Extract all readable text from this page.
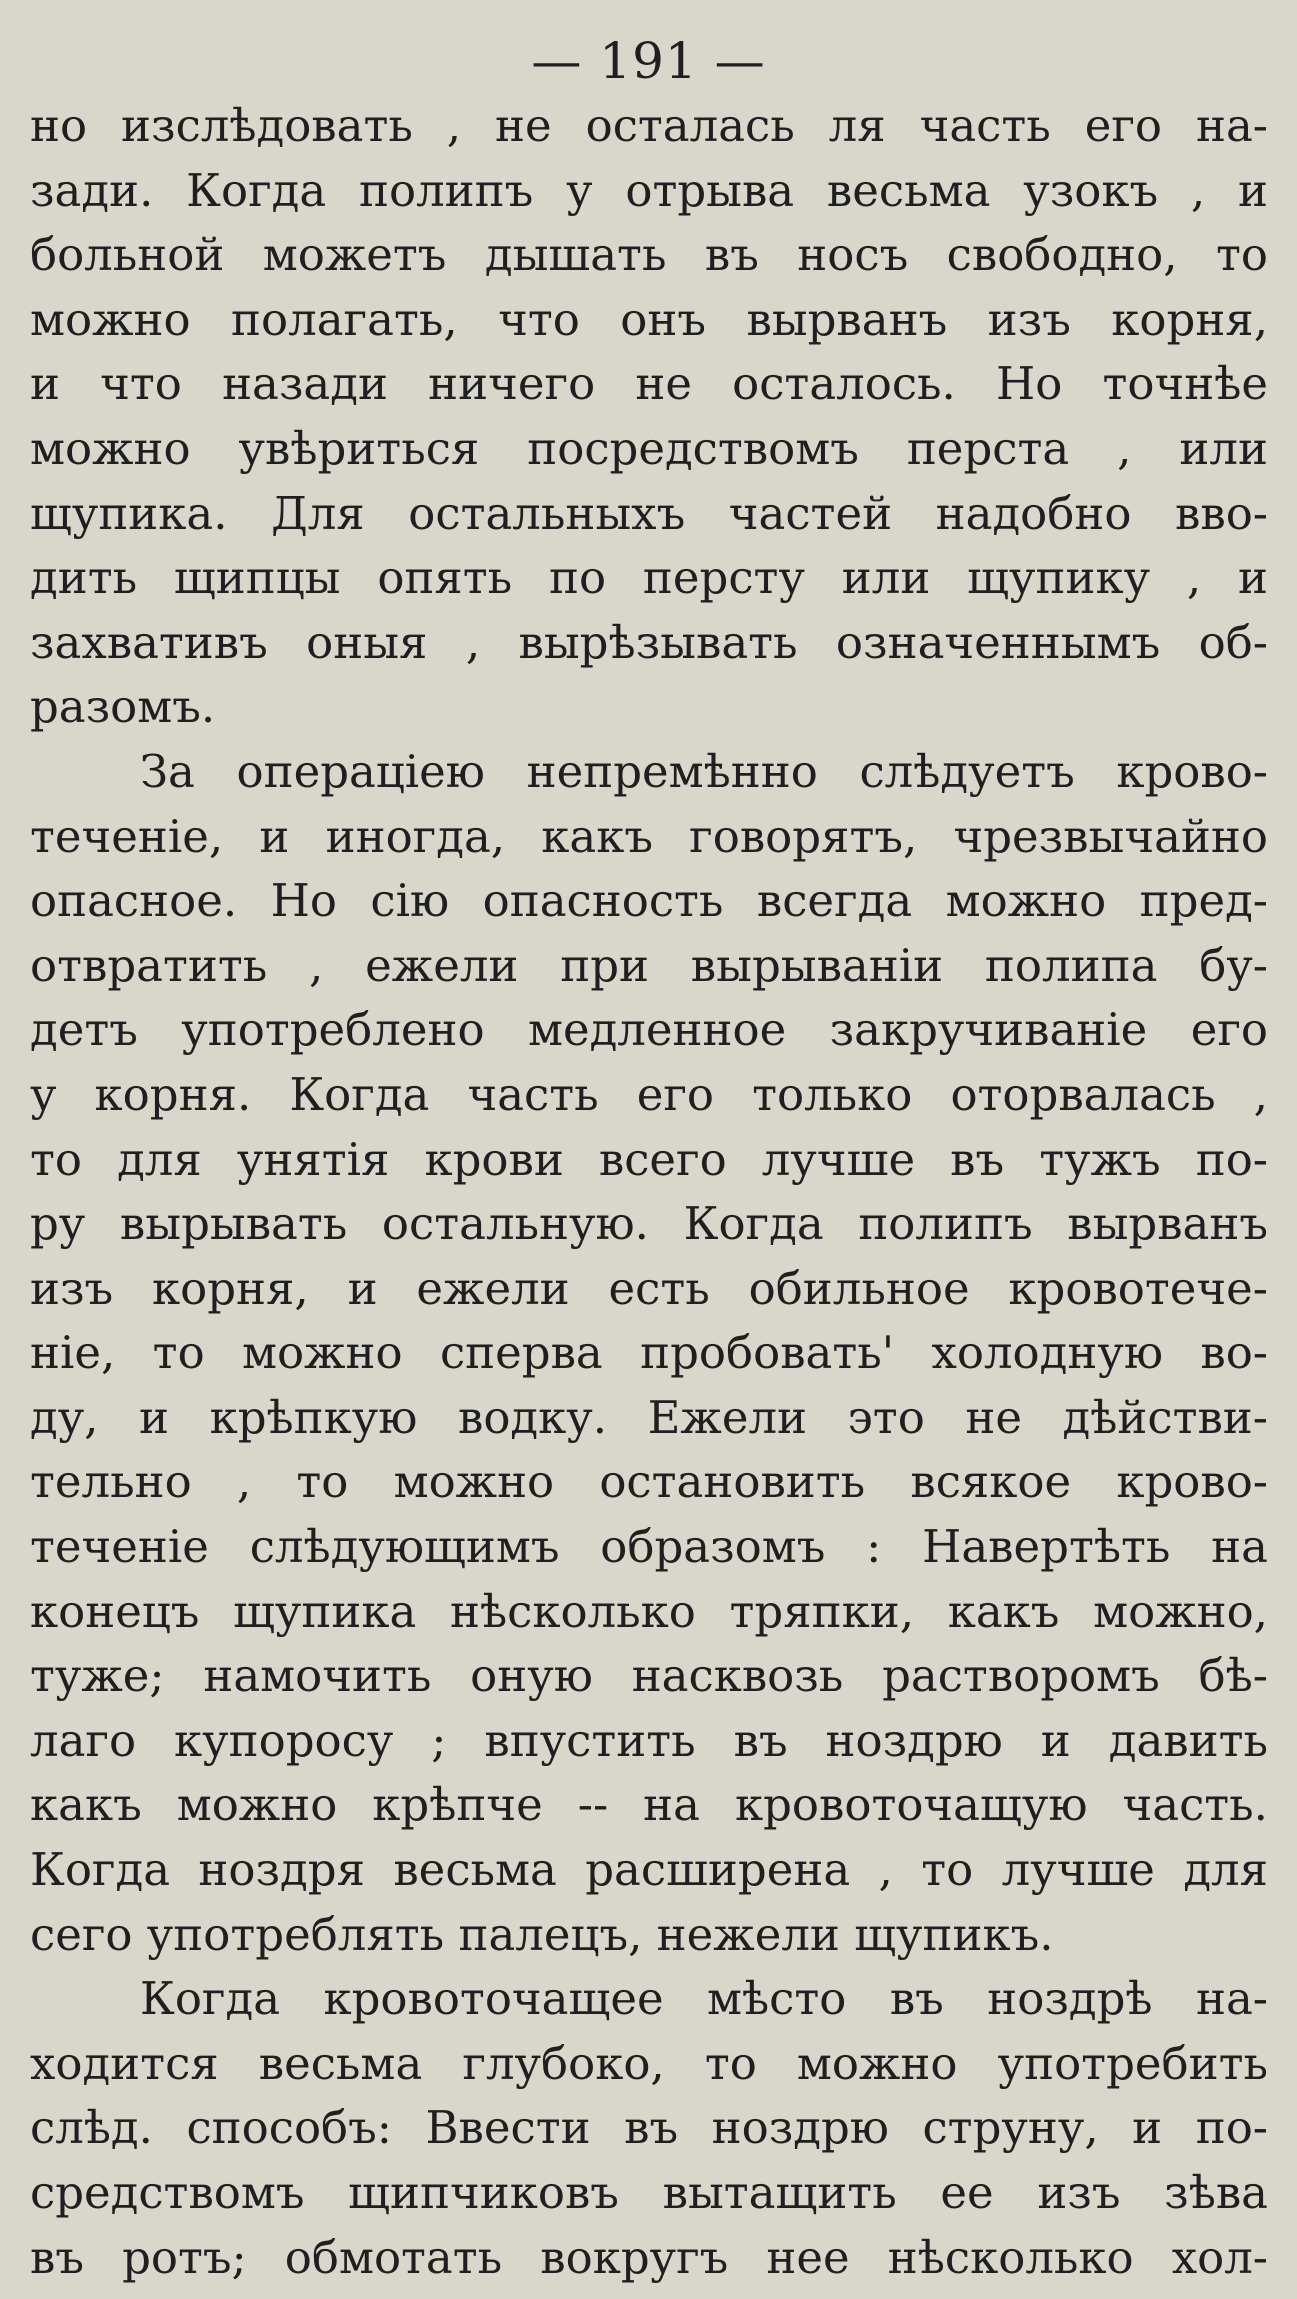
— 191 —
но изслѣдовать , не осталась ля часть его на-
зади. Когда полипъ у отрыва весьма узокъ , и
больной можетъ дышать въ носъ свободно, то
можно полагать, что онъ вырванъ изъ корня,
и что назади ничего не осталось. Но точнѣе
можно увѣриться посредствомъ перста , или
щупика. Для остальныхъ частей надобно вво-
дить щипцы опять по персту или щупику , и
захвативъ оныя , вырѣзывать означеннымъ об-
разомъ.
За операціею непремѣнно слѣдуетъ крово-
теченіе, и иногда, какъ говорятъ, чрезвычайно
опасное. Но сію опасность всегда можно пред-
отвратить , ежели при вырываніи полипа бу-
детъ употреблено медленное закручиваніе его
у корня. Когда часть его только оторвалась ,
то для унятія крови всего лучше въ тужъ по-
ру вырывать остальную. Когда полипъ вырванъ
изъ корня, и ежели есть обильное кровотече-
ніе, то можно сперва пробовать' холодную во-
ду, и крѣпкую водку. Ежели это не дѣйстви-
тельно , то можно остановить всякое крово-
теченіе слѣдующимъ образомъ : Навертѣть на
конецъ щупика нѣсколько тряпки, какъ можно,
туже; намочить оную насквозь растворомъ бѣ-
лаго купоросу ; впустить въ ноздрю и давить
какъ можно крѣпче -- на кровоточащую часть.
Когда ноздря весьма расширена , то лучше для
сего употреблять палецъ, нежели щупикъ.
Когда кровоточащее мѣсто въ ноздрѣ на-
ходится весьма глубоко, то можно употребить
слѣд. способъ: Ввести въ ноздрю струну, и по-
средствомъ щипчиковъ вытащить ее изъ зѣва
въ ротъ; обмотать вокругъ нее нѣсколько хол-
